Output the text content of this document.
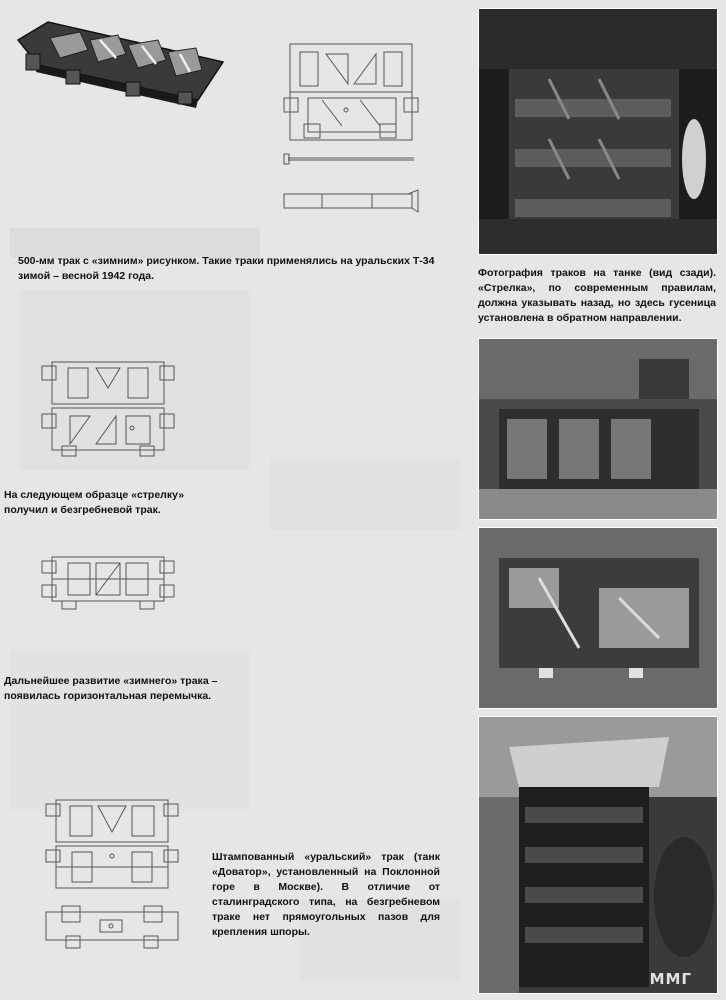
500-мм трак с «зимним» рисунком. Такие траки применялись на уральских Т-34 зимой – весной 1942 года.
На следующем образце «стрелку» получил и безгребневой трак.
Дальнейшее развитие «зимнего» трака – появилась горизонтальная перемычка.
Штампованный «уральский» трак (танк «Доватор», установленный на Поклонной горе в Москве). В отличие от сталинградского типа, на безгребневом траке нет прямоугольных пазов для крепления шпоры.
Фотография траков на танке (вид сзади). «Стрелка», по современным правилам, должна указывать назад, но здесь гусеница установлена в обратном направлении.
ММГ
